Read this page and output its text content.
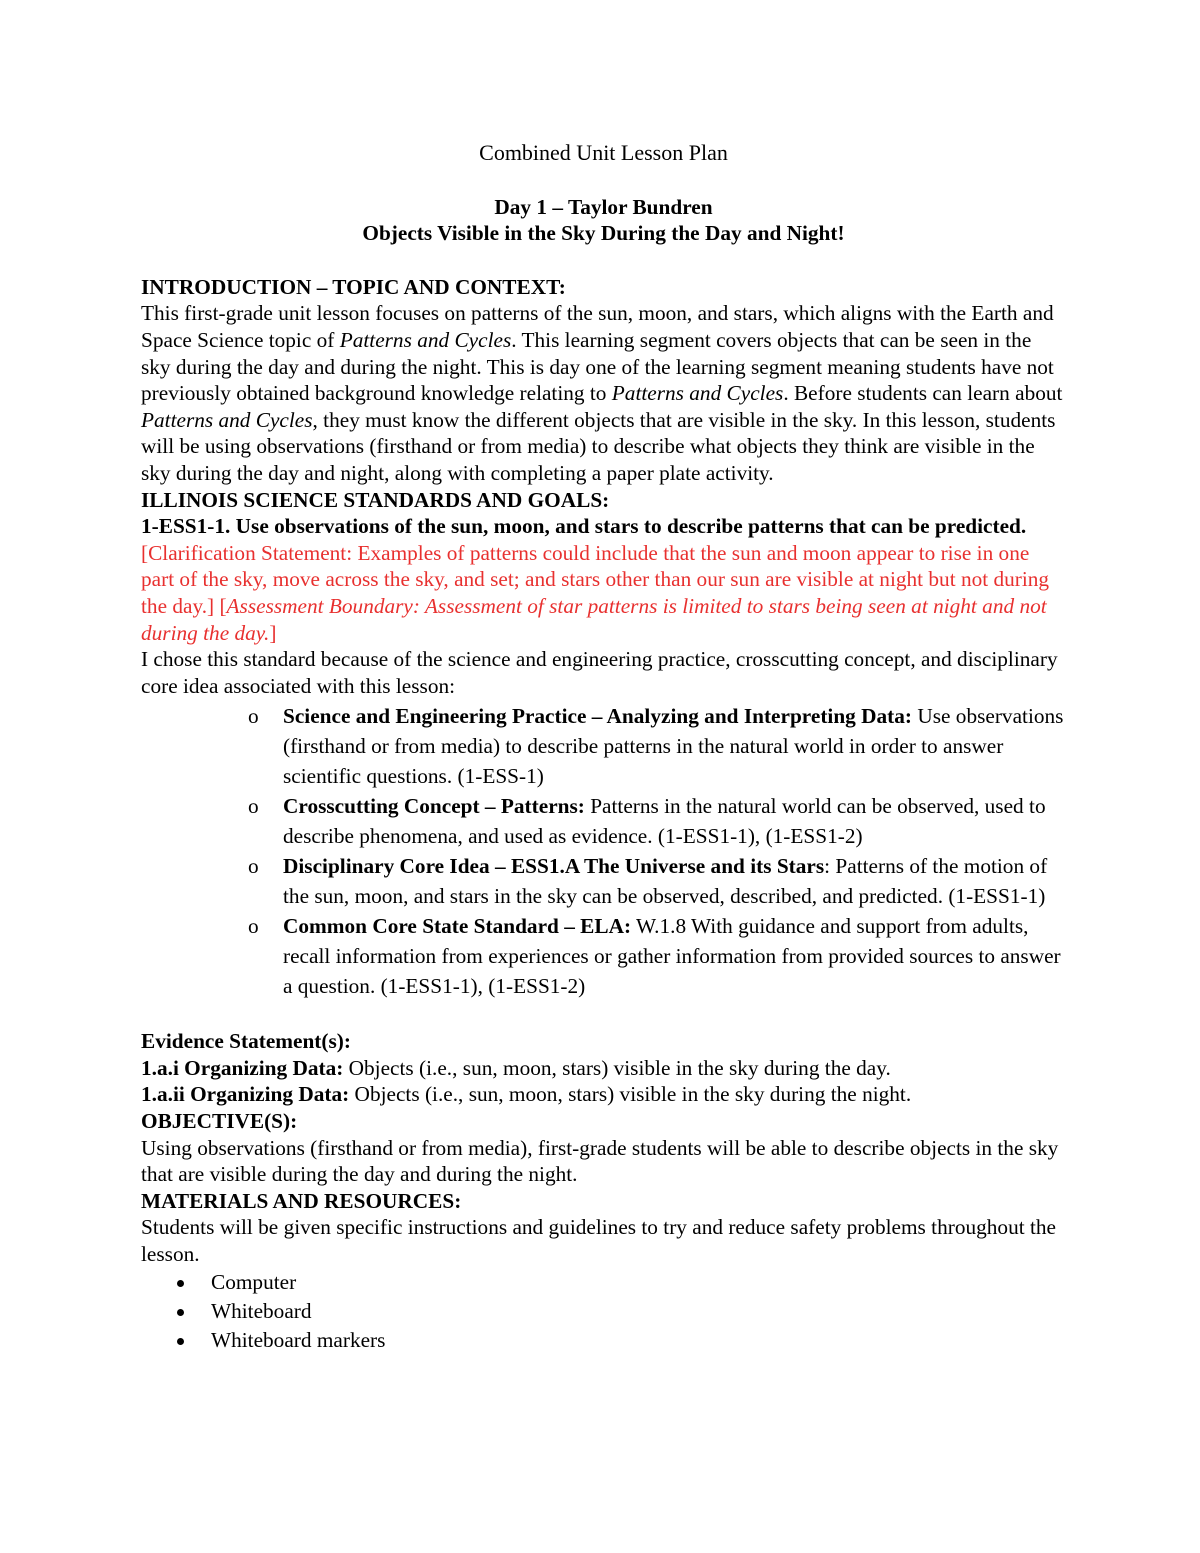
Combined Unit Lesson Plan

Day 1 – Taylor Bundren

Objects Visible in the Sky During the Day and Night!

INTRODUCTION – TOPIC AND CONTEXT:

This first-grade unit lesson focuses on patterns of the sun, moon, and stars, which aligns with the Earth and Space Science topic of Patterns and Cycles. This learning segment covers objects that can be seen in the sky during the day and during the night. This is day one of the learning segment meaning students have not previously obtained background knowledge relating to Patterns and Cycles. Before students can learn about Patterns and Cycles, they must know the different objects that are visible in the sky. In this lesson, students will be using observations (firsthand or from media) to describe what objects they think are visible in the sky during the day and night, along with completing a paper plate activity.

ILLINOIS SCIENCE STANDARDS AND GOALS:

1-ESS1-1. Use observations of the sun, moon, and stars to describe patterns that can be predicted. [Clarification Statement: Examples of patterns could include that the sun and moon appear to rise in one part of the sky, move across the sky, and set; and stars other than our sun are visible at night but not during the day.] [Assessment Boundary: Assessment of star patterns is limited to stars being seen at night and not during the day.]

I chose this standard because of the science and engineering practice, crosscutting concept, and disciplinary core idea associated with this lesson:

o Science and Engineering Practice – Analyzing and Interpreting Data: Use observations (firsthand or from media) to describe patterns in the natural world in order to answer scientific questions. (1-ESS-1)
o Crosscutting Concept – Patterns: Patterns in the natural world can be observed, used to describe phenomena, and used as evidence. (1-ESS1-1), (1-ESS1-2)
o Disciplinary Core Idea – ESS1.A The Universe and its Stars: Patterns of the motion of the sun, moon, and stars in the sky can be observed, described, and predicted. (1-ESS1-1)
o Common Core State Standard – ELA: W.1.8 With guidance and support from adults, recall information from experiences or gather information from provided sources to answer a question. (1-ESS1-1), (1-ESS1-2)

Evidence Statement(s):

1.a.i Organizing Data: Objects (i.e., sun, moon, stars) visible in the sky during the day.

1.a.ii Organizing Data: Objects (i.e., sun, moon, stars) visible in the sky during the night.

OBJECTIVE(S):

Using observations (firsthand or from media), first-grade students will be able to describe objects in the sky that are visible during the day and during the night.

MATERIALS AND RESOURCES:

Students will be given specific instructions and guidelines to try and reduce safety problems throughout the lesson.

Computer
Whiteboard
Whiteboard markers
